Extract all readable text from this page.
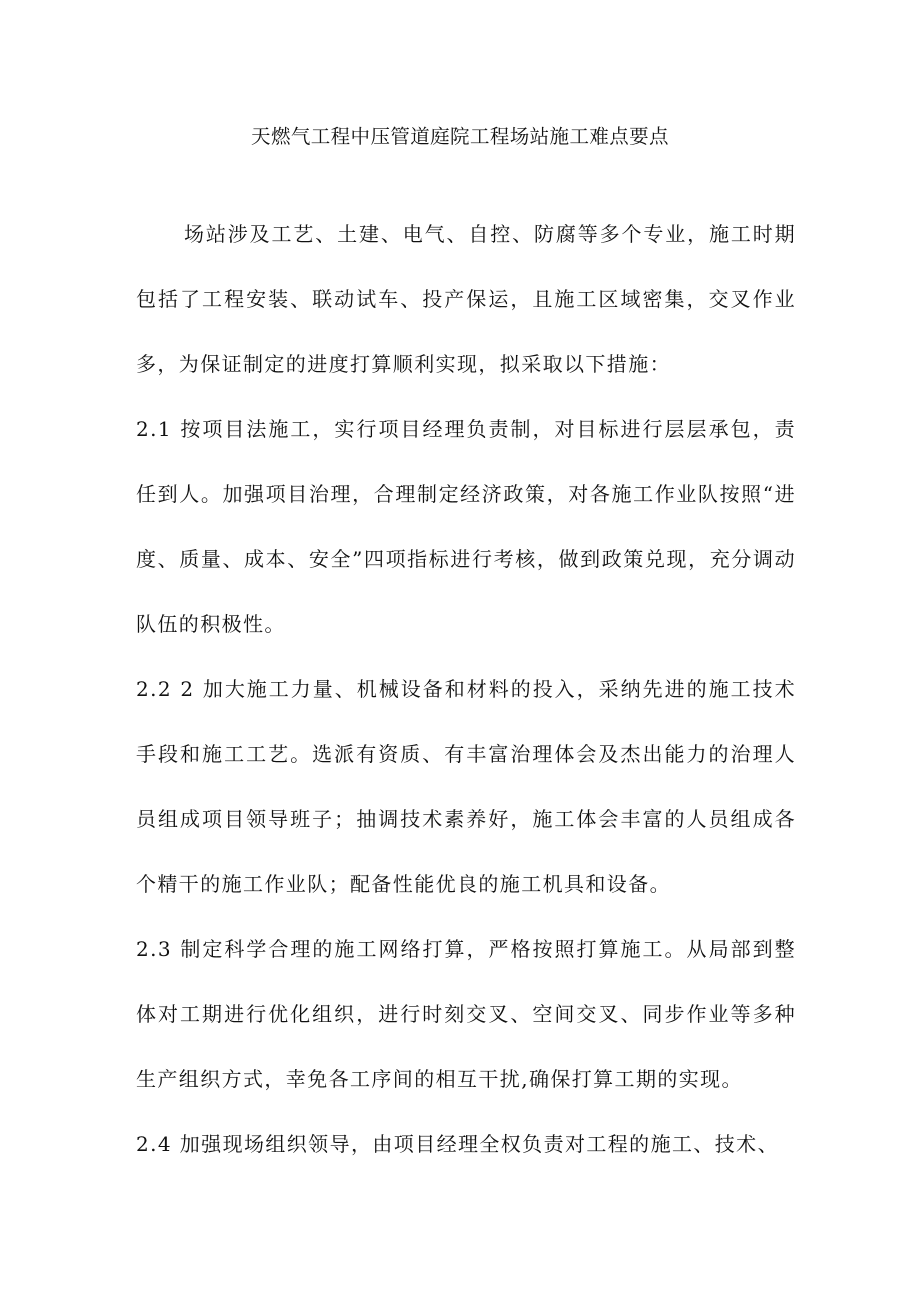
天燃气工程中压管道庭院工程场站施工难点要点

场站涉及工艺、土建、电气、自控、防腐等多个专业，施工时期包括了工程安装、联动试车、投产保运，且施工区域密集，交叉作业多，为保证制定的进度打算顺利实现，拟采取以下措施：

2.1 按项目法施工，实行项目经理负责制，对目标进行层层承包，责任到人。加强项目治理，合理制定经济政策，对各施工作业队按照“进度、质量、成本、安全”四项指标进行考核，做到政策兑现，充分调动队伍的积极性。

2.2 2 加大施工力量、机械设备和材料的投入，采纳先进的施工技术手段和施工工艺。选派有资质、有丰富治理体会及杰出能力的治理人员组成项目领导班子；抽调技术素养好，施工体会丰富的人员组成各个精干的施工作业队；配备性能优良的施工机具和设备。

2.3 制定科学合理的施工网络打算，严格按照打算施工。从局部到整体对工期进行优化组织，进行时刻交叉、空间交叉、同步作业等多种生产组织方式，幸免各工序间的相互干扰,确保打算工期的实现。

2.4 加强现场组织领导，由项目经理全权负责对工程的施工、技术、
